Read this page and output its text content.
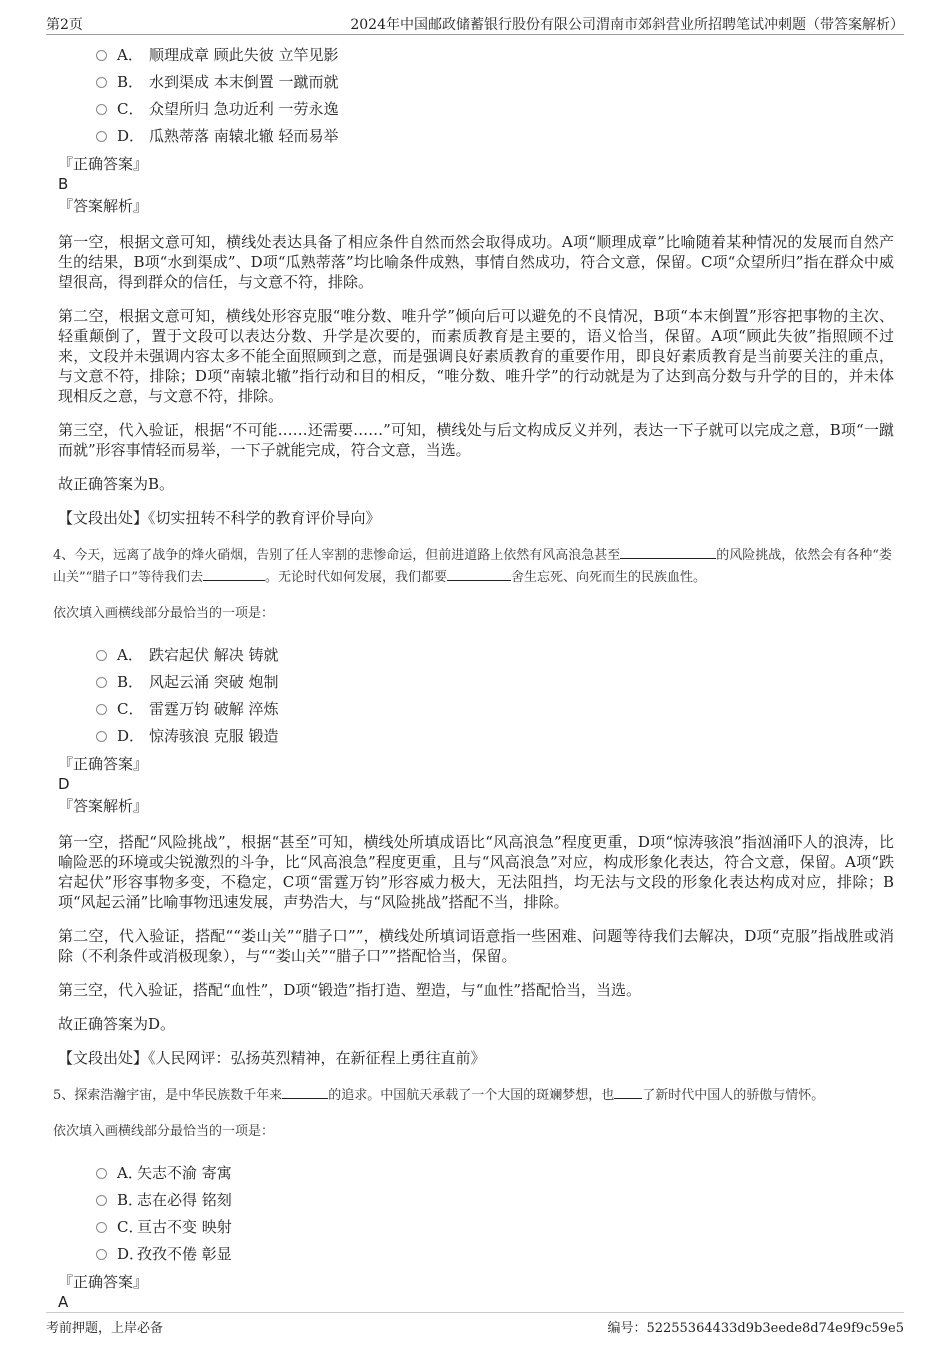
第2页	2024年中国邮政储蓄银行股份有限公司渭南市郊斜营业所招聘笔试冲刺题（带答案解析）
A． 顺理成章 顾此失彼 立竿见影
B． 水到渠成 本末倒置 一蹴而就
C． 众望所归 急功近利 一劳永逸
D． 瓜熟蒂落 南辕北辙 轻而易举
『正确答案』
B
『答案解析』

第一空，根据文意可知，横线处表达具备了相应条件自然而然会取得成功。A项“顺理成章”比喻随着某种情况的发展而自然产生的结果，B项“水到渠成”、D项“瓜熟蒂落”均比喻条件成熟，事情自然成功，符合文意，保留。C项“众望所归”指在群众中威望很高，得到群众的信任，与文意不符，排除。

第二空，根据文意可知，横线处形容克服“唯分数、唯升学”倾向后可以避免的不良情况，B项“本末倒置”形容把事物的主次、轻重颠倒了，置于文段可以表达分数、升学是次要的，而素质教育是主要的，语义恰当，保留。A项“顾此失彼”指照顾不过来，文段并未强调内容太多不能全面照顾到之意，而是强调良好素质教育的重要作用，即良好素质教育是当前要关注的重点，与文意不符，排除；D项“南辕北辙”指行动和目的相反，“唯分数、唯升学”的行动就是为了达到高分数与升学的目的，并未体现相反之意，与文意不符，排除。

第三空，代入验证，根据“不可能……还需要……”可知，横线处与后文构成反义并列，表达一下子就可以完成之意，B项“一蹴而就”形容事情轻而易举，一下子就能完成，符合文意，当选。

故正确答案为B。

【文段出处】《切实扭转不科学的教育评价导向》

4、今天，远离了战争的烽火硝烟，告别了任人宰割的悲惨命运，但前进道路上依然有风高浪急甚至	的风险挑战，依然会有各种“娄山关”“腊子口”等待我们去	。无论时代如何发展，我们都要	舍生忘死、向死而生的民族血性。

依次填入画横线部分最恰当的一项是：

A． 跌宕起伏 解决 铸就
B． 风起云涌 突破 炮制
C． 雷霆万钧 破解 淬炼
D． 惊涛骇浪 克服 锻造
『正确答案』
D
『答案解析』

第一空，搭配“风险挑战”，根据“甚至”可知，横线处所填成语比“风高浪急”程度更重，D项“惊涛骇浪”指汹涌吓人的浪涛，比喻险恶的环境或尖锐激烈的斗争，比“风高浪急”程度更重，且与“风高浪急”对应，构成形象化表达，符合文意，保留。A项“跌宕起伏”形容事物多变，不稳定，C项“雷霆万钧”形容威力极大，无法阻挡，均无法与文段的形象化表达构成对应，排除；B项“风起云涌”比喻事物迅速发展，声势浩大，与“风险挑战”搭配不当，排除。

第二空，代入验证，搭配““娄山关”“腊子口””，横线处所填词语意指一些困难、问题等待我们去解决，D项“克服”指战胜或消除（不利条件或消极现象），与““娄山关”“腊子口””搭配恰当，保留。

第三空，代入验证，搭配“血性”，D项“锻造”指打造、塑造，与“血性”搭配恰当，当选。

故正确答案为D。

【文段出处】《人民网评：弘扬英烈精神，在新征程上勇往直前》

5、探索浩瀚宇宙，是中华民族数千年来	的追求。中国航天承载了一个大国的斑斓梦想，也 了新时代中国人的骄傲与情怀。

依次填入画横线部分最恰当的一项是：

A．
矢志不渝 寄寓
B．
志在必得 铭刻
C．
亘古不变 映射
D．
孜孜不倦 彰显
『正确答案』
A
考前押题，上岸必备	编号：52255364433d9b3eede8d74e9f9c59e5
